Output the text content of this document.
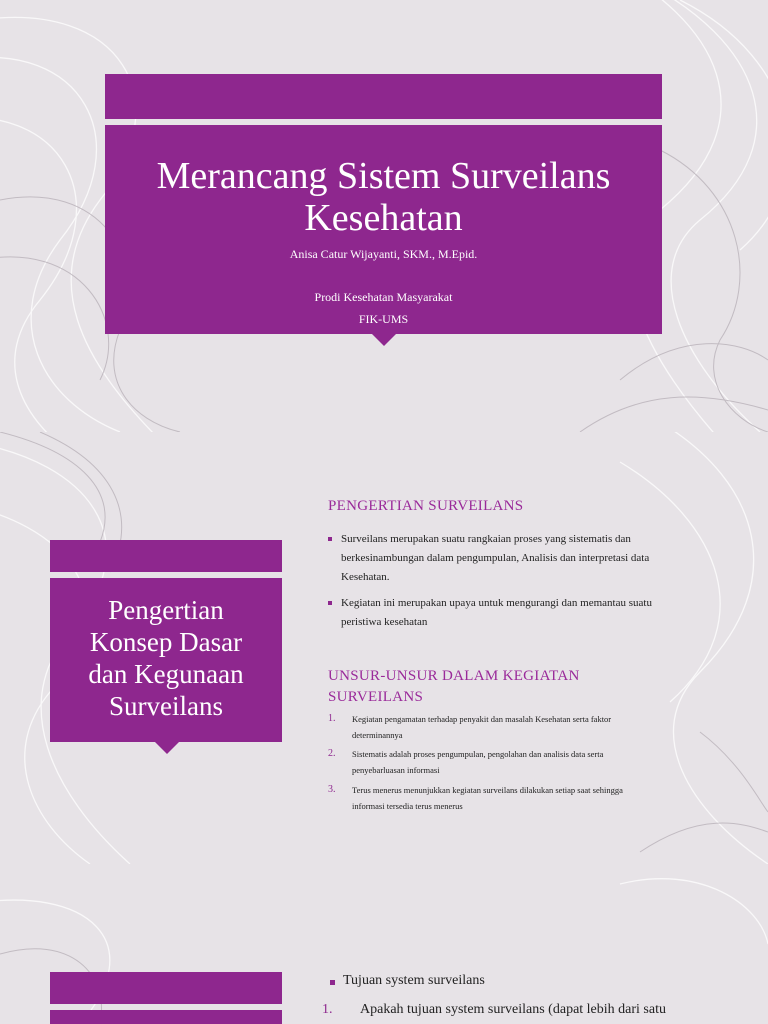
Merancang Sistem Surveilans
Kesehatan
Anisa Catur Wijayanti, SKM., M.Epid.
Prodi Kesehatan Masyarakat
FIK-UMS
Pengertian
Konsep Dasar
dan Kegunaan
Surveilans
PENGERTIAN SURVEILANS
Surveilans merupakan suatu rangkaian proses yang sistematis dan
berkesinambungan dalam pengumpulan, Analisis dan interpretasi data
Kesehatan.
Kegiatan ini merupakan upaya untuk mengurangi dan memantau suatu
peristiwa kesehatan
UNSUR-UNSUR DALAM KEGIATAN
SURVEILANS
1. Kegiatan pengamatan terhadap penyakit dan masalah Kesehatan serta faktor
determinannya
2. Sistematis adalah proses pengumpulan, pengolahan dan analisis data serta
penyebarluasan informasi
3. Terus menerus menunjukkan kegiatan surveilans dilakukan setiap saat sehingga
informasi tersedia terus menerus
Tujuan system surveilans
1. Apakah tujuan system surveilans (dapat lebih dari satu
